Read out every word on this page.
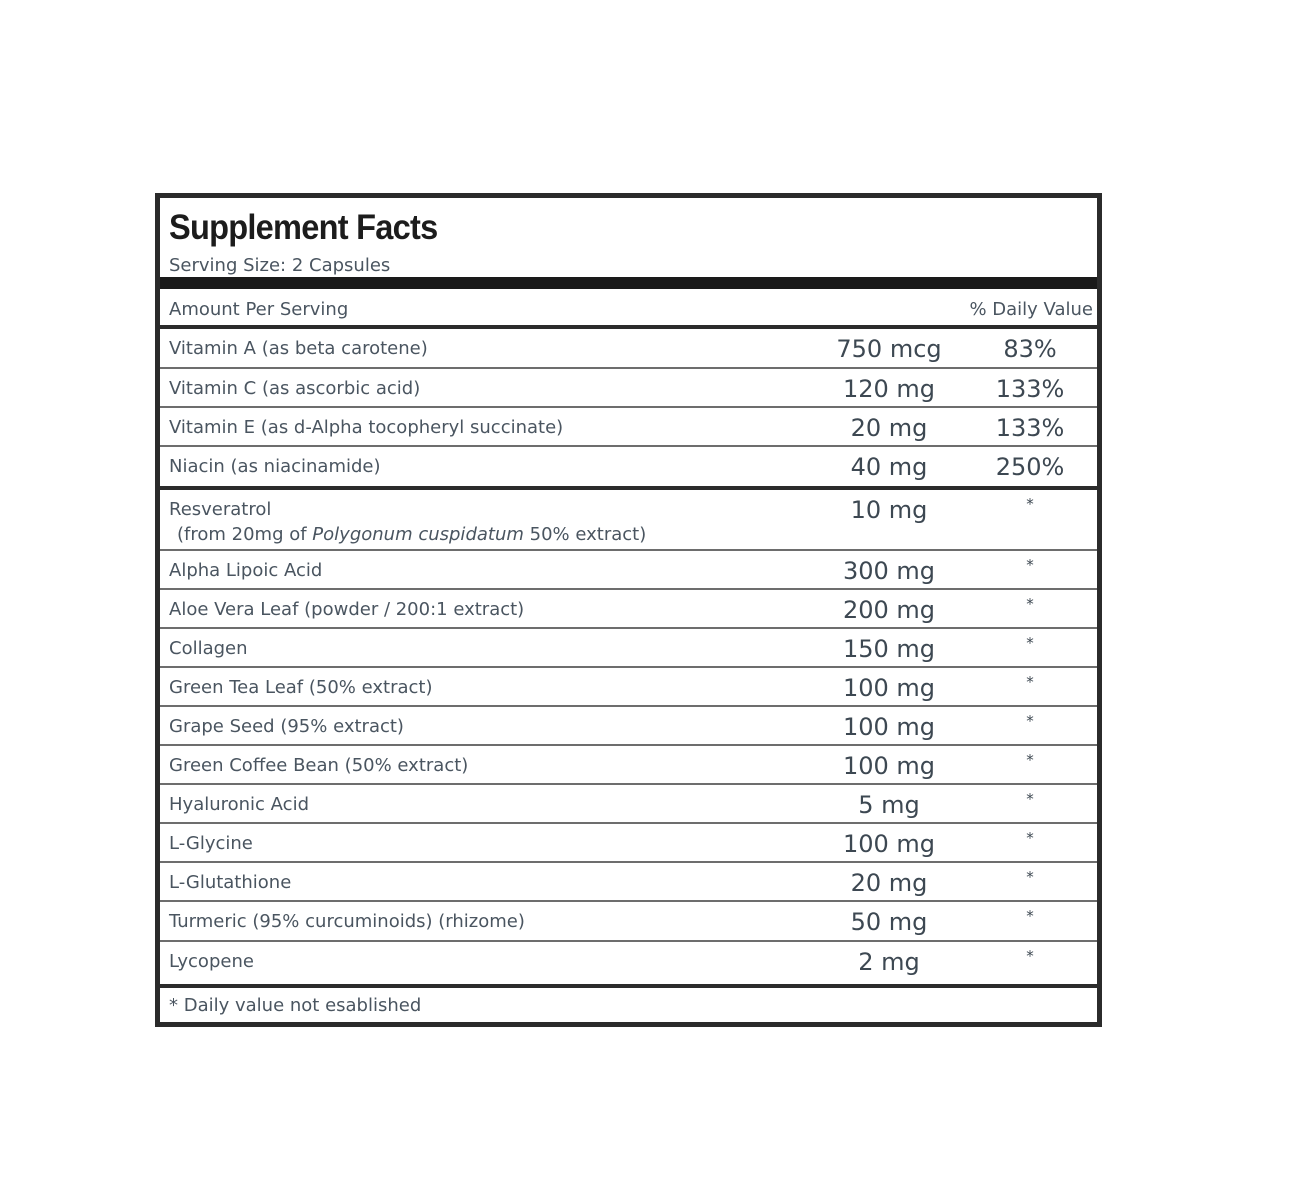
Supplement Facts
Serving Size: 2 Capsules
Amount Per Serving	% Daily Value
Vitamin A (as beta carotene)	750 mcg	83%
Vitamin C (as ascorbic acid)	120 mg	133%
Vitamin E (as d-Alpha tocopheryl succinate)	20 mg	133%
Niacin (as niacinamide)	40 mg	250%
Resveratrol
(from 20mg of Polygonum cuspidatum 50% extract)
10 mg	*
Alpha Lipoic Acid	300 mg	*
Aloe Vera Leaf (powder / 200:1 extract)	200 mg	*
Collagen	150 mg	*
Green Tea Leaf (50% extract)	100 mg	*
Grape Seed (95% extract)	100 mg	*
Green Coffee Bean (50% extract)	100 mg	*
Hyaluronic Acid	5 mg	*
L-Glycine	100 mg	*
L-Glutathione	20 mg	*
Turmeric (95% curcuminoids) (rhizome)	50 mg	*
Lycopene	2 mg	*
* Daily value not esablished
